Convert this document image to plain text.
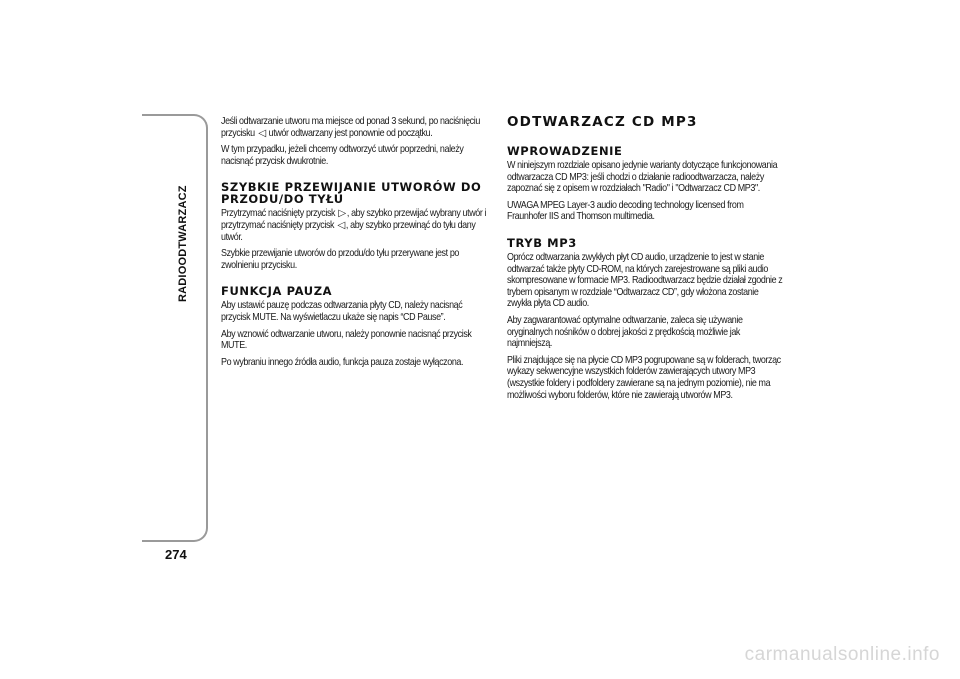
RADIOODTWARZACZ
274

Jeśli odtwarzanie utworu ma miejsce od ponad 3 sekund, po naciśnięciu przycisku ◁ utwór odtwarzany jest ponownie od początku.

W tym przypadku, jeżeli chcemy odtworzyć utwór poprzedni, należy nacisnąć przycisk dwukrotnie.

SZYBKIE PRZEWIJANIE UTWORÓW DO PRZODU/DO TYŁU

Przytrzymać naciśnięty przycisk ▷, aby szybko przewijać wybrany utwór i przytrzymać naciśnięty przycisk ◁, aby szybko przewinąć do tyłu dany utwór.

Szybkie przewijanie utworów do przodu/do tyłu przerywane jest po zwolnieniu przycisku.

FUNKCJA PAUZA

Aby ustawić pauzę podczas odtwarzania płyty CD, należy nacisnąć przycisk MUTE. Na wyświetlaczu ukaże się napis “CD Pause”.

Aby wznowić odtwarzanie utworu, należy ponownie nacisnąć przycisk MUTE.

Po wybraniu innego źródła audio, funkcja pauza zostaje wyłączona.

ODTWARZACZ CD MP3
WPROWADZENIE

W niniejszym rozdziale opisano jedynie warianty dotyczące funkcjonowania odtwarzacza CD MP3: jeśli chodzi o działanie radioodtwarzacza, należy zapoznać się z opisem w rozdziałach "Radio" i "Odtwarzacz CD MP3".

UWAGA MPEG Layer-3 audio decoding technology licensed from Fraunhofer IIS and Thomson multimedia.

TRYB MP3

Oprócz odtwarzania zwykłych płyt CD audio, urządzenie to jest w stanie odtwarzać także płyty CD-ROM, na których zarejestrowane są pliki audio skompresowane w formacie MP3. Radioodtwarzacz będzie działał zgodnie z trybem opisanym w rozdziale “Odtwarzacz CD”, gdy włożona zostanie zwykła płyta CD audio.

Aby zagwarantować optymalne odtwarzanie, zaleca się używanie oryginalnych nośników o dobrej jakości z prędkością możliwie jak najmniejszą.

Pliki znajdujące się na płycie CD MP3 pogrupowane są w folderach, tworząc wykazy sekwencyjne wszystkich folderów zawierających utwory MP3 (wszystkie foldery i podfoldery zawierane są na jednym poziomie), nie ma możliwości wyboru folderów, które nie zawierają utworów MP3.

carmanualsonline.info
